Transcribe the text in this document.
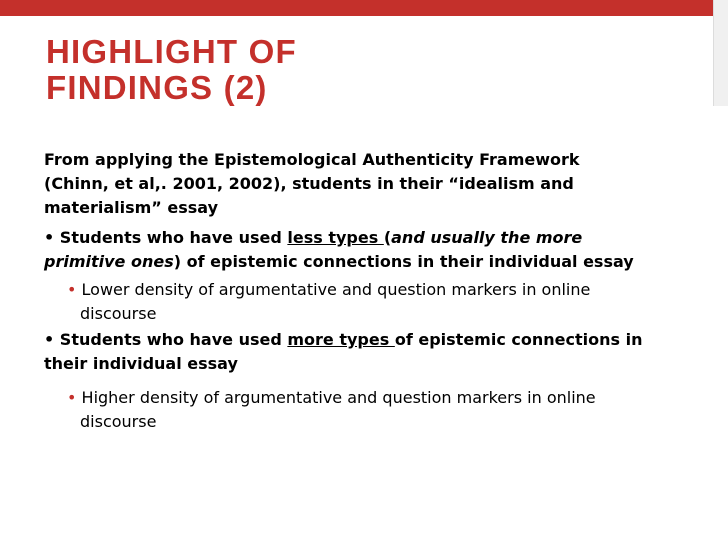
HIGHLIGHT OF
FINDINGS (2)

From applying the Epistemological Authenticity Framework (Chinn, et al,. 2001, 2002), students in their “idealism and materialism” essay

• Students who have used less types (and usually the more primitive ones) of epistemic connections in their individual essay

• Lower density of argumentative and question markers in online discourse

• Students who have used more types of epistemic connections in their individual essay

• Higher density of argumentative and question markers in online discourse
